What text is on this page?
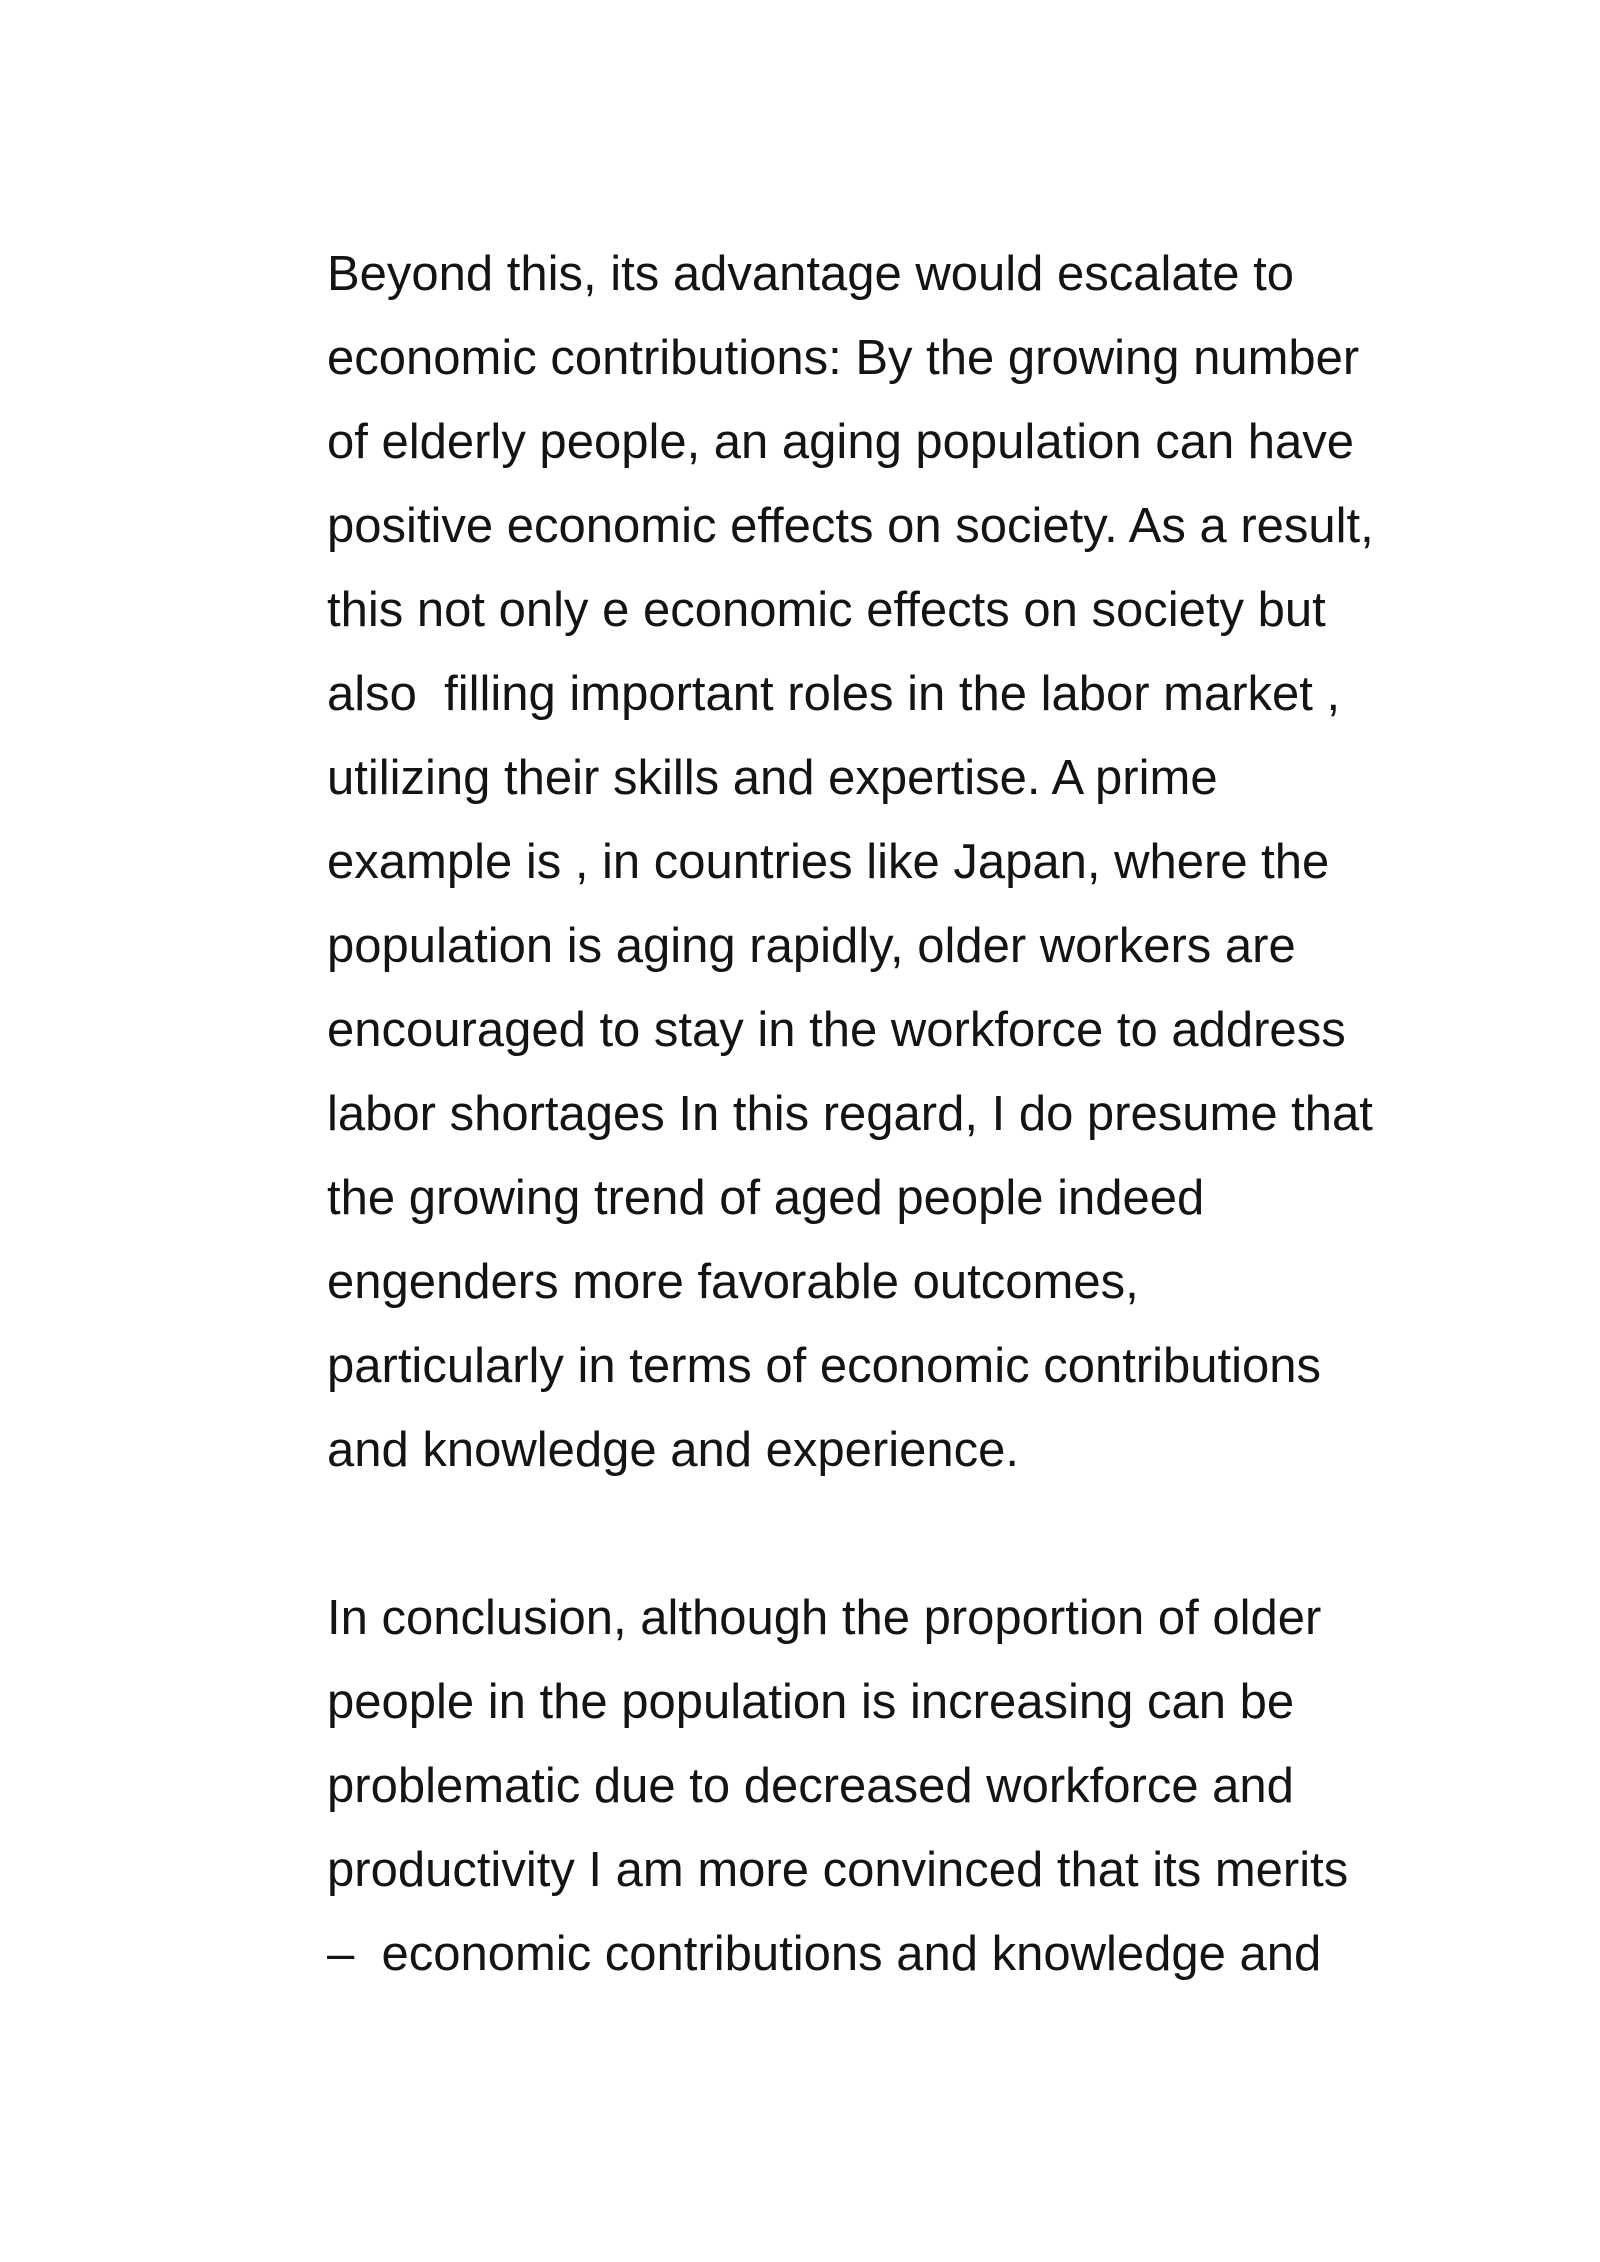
Beyond this, its advantage would escalate to
economic contributions: By the growing number
of elderly people, an aging population can have
positive economic effects on society. As a result,
this not only e economic effects on society but
also  filling important roles in the labor market ,
utilizing their skills and expertise. A prime
example is , in countries like Japan, where the
population is aging rapidly, older workers are
encouraged to stay in the workforce to address
labor shortages In this regard, I do presume that
the growing trend of aged people indeed
engenders more favorable outcomes,
particularly in terms of economic contributions
and knowledge and experience.
In conclusion, although the proportion of older
people in the population is increasing can be
problematic due to decreased workforce and
productivity I am more convinced that its merits
–  economic contributions and knowledge and
